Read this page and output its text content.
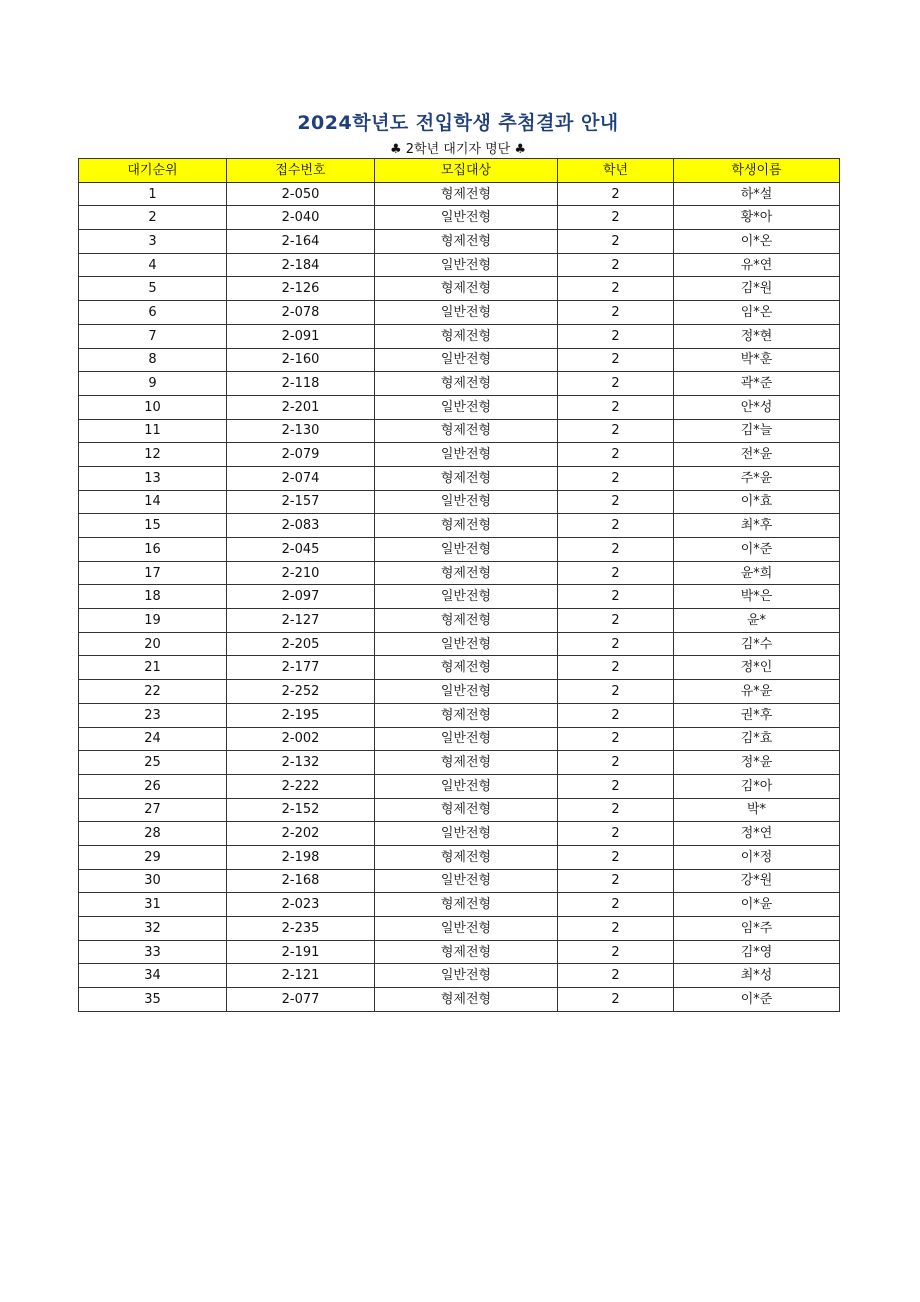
2024학년도 전입학생 추첨결과 안내
♣ 2학년 대기자 명단 ♣
대기순위	접수번호	모집대상	학년	학생이름
1	2-050	형제전형	2	하*설
2	2-040	일반전형	2	황*아
3	2-164	형제전형	2	이*온
4	2-184	일반전형	2	유*연
5	2-126	형제전형	2	김*원
6	2-078	일반전형	2	임*온
7	2-091	형제전형	2	정*현
8	2-160	일반전형	2	박*훈
9	2-118	형제전형	2	곽*준
10	2-201	일반전형	2	안*성
11	2-130	형제전형	2	김*늘
12	2-079	일반전형	2	전*윤
13	2-074	형제전형	2	주*윤
14	2-157	일반전형	2	이*효
15	2-083	형제전형	2	최*후
16	2-045	일반전형	2	이*준
17	2-210	형제전형	2	윤*희
18	2-097	일반전형	2	박*은
19	2-127	형제전형	2	윤*
20	2-205	일반전형	2	김*수
21	2-177	형제전형	2	정*인
22	2-252	일반전형	2	유*윤
23	2-195	형제전형	2	권*후
24	2-002	일반전형	2	김*효
25	2-132	형제전형	2	정*윤
26	2-222	일반전형	2	김*아
27	2-152	형제전형	2	박*
28	2-202	일반전형	2	정*연
29	2-198	형제전형	2	이*정
30	2-168	일반전형	2	강*원
31	2-023	형제전형	2	이*윤
32	2-235	일반전형	2	임*주
33	2-191	형제전형	2	김*영
34	2-121	일반전형	2	최*성
35	2-077	형제전형	2	이*준
